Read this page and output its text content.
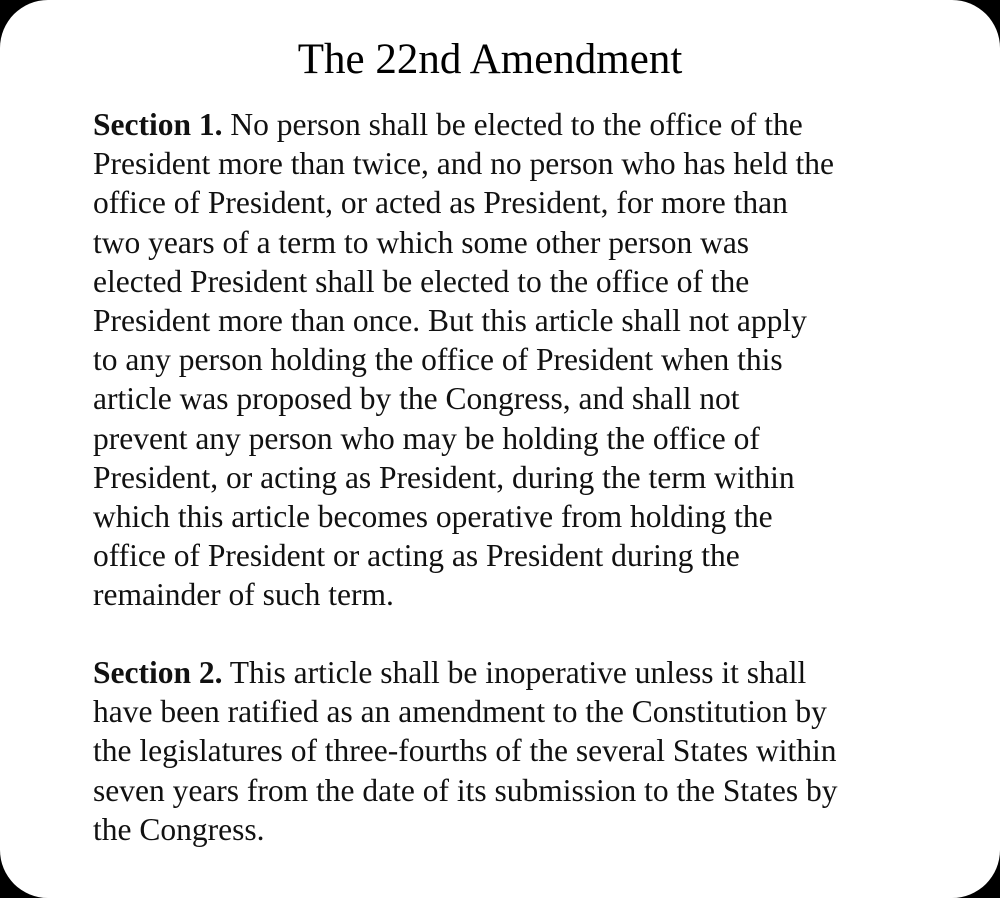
The 22nd Amendment
Section 1. No person shall be elected to the office of the
President more than twice, and no person who has held the
office of President, or acted as President, for more than
two years of a term to which some other person was
elected President shall be elected to the office of the
President more than once. But this article shall not apply
to any person holding the office of President when this
article was proposed by the Congress, and shall not
prevent any person who may be holding the office of
President, or acting as President, during the term within
which this article becomes operative from holding the
office of President or acting as President during the
remainder of such term.
Section 2. This article shall be inoperative unless it shall
have been ratified as an amendment to the Constitution by
the legislatures of three-fourths of the several States within
seven years from the date of its submission to the States by
the Congress.
